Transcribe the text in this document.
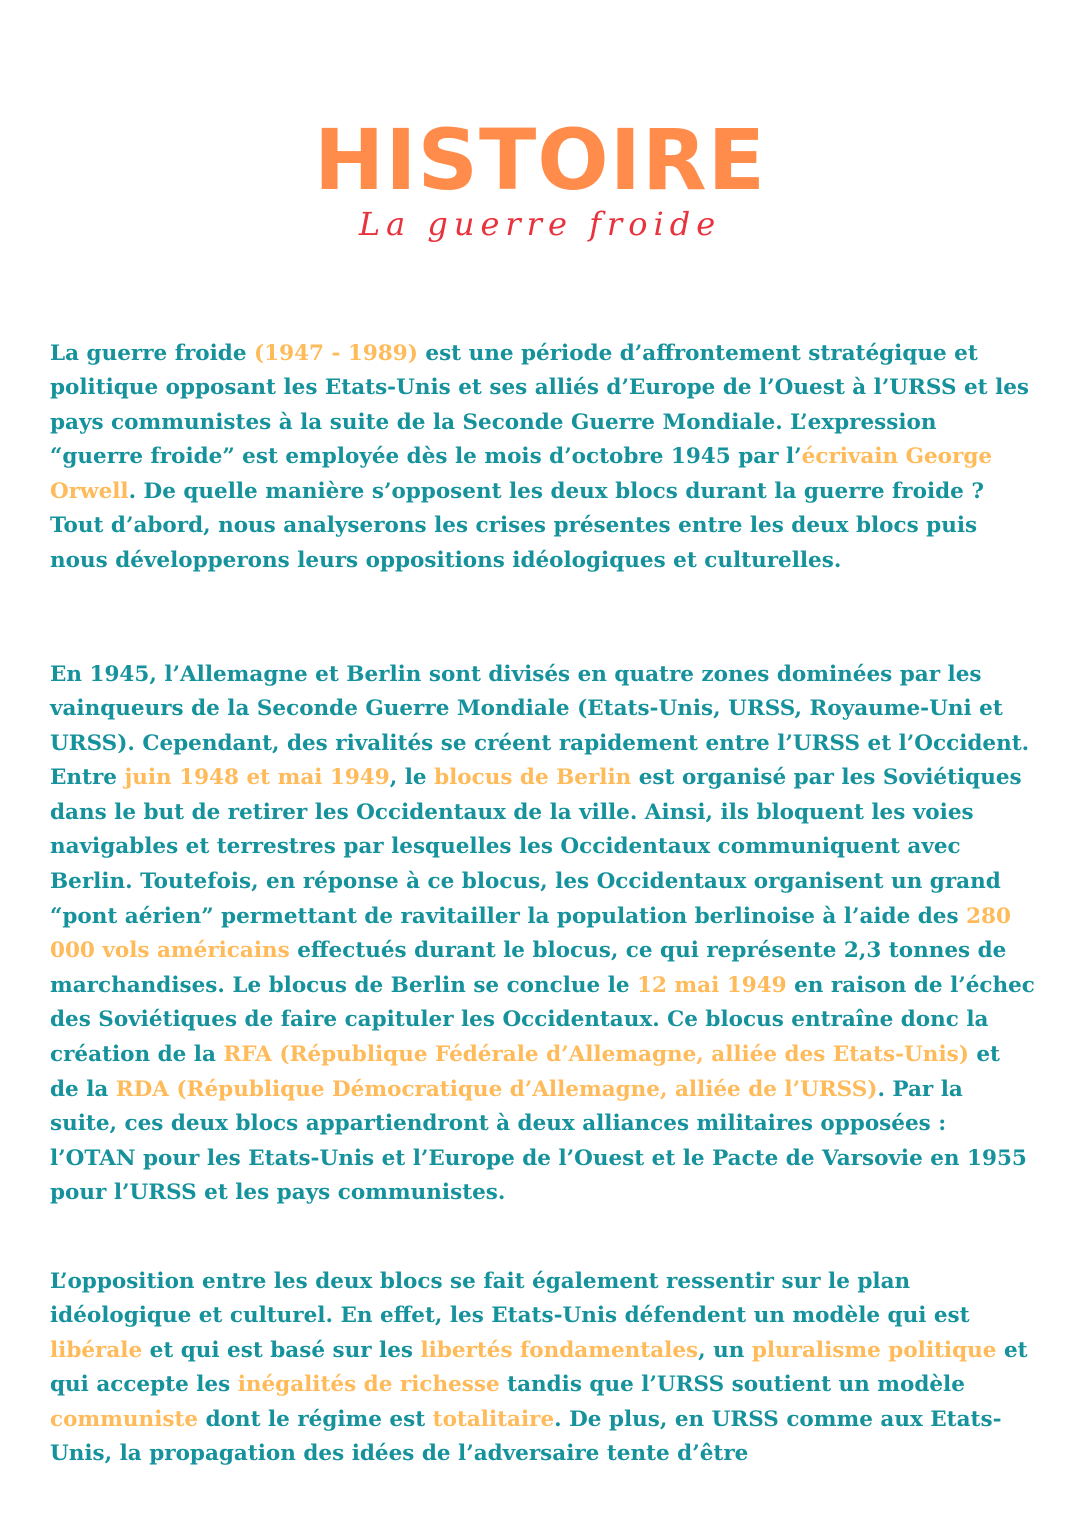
HISTOIRE
La guerre froide

La guerre froide (1947 - 1989) est une période d’affrontement stratégique et politique opposant les Etats-Unis et ses alliés d’Europe de l’Ouest à l’URSS et les pays communistes à la suite de la Seconde Guerre Mondiale. L’expression “guerre froide” est employée dès le mois d’octobre 1945 par l’écrivain George Orwell. De quelle manière s’opposent les deux blocs durant la guerre froide ? Tout d’abord, nous analyserons les crises présentes entre les deux blocs puis nous développerons leurs oppositions idéologiques et culturelles.

En 1945, l’Allemagne et Berlin sont divisés en quatre zones dominées par les vainqueurs de la Seconde Guerre Mondiale (Etats-Unis, URSS, Royaume-Uni et URSS). Cependant, des rivalités se créent rapidement entre l’URSS et l’Occident. Entre juin 1948 et mai 1949, le blocus de Berlin est organisé par les Soviétiques dans le but de retirer les Occidentaux de la ville. Ainsi, ils bloquent les voies navigables et terrestres par lesquelles les Occidentaux communiquent avec Berlin. Toutefois, en réponse à ce blocus, les Occidentaux organisent un grand “pont aérien” permettant de ravitailler la population berlinoise à l’aide des 280 000 vols américains effectués durant le blocus, ce qui représente 2,3 tonnes de marchandises. Le blocus de Berlin se conclue le 12 mai 1949 en raison de l’échec des Soviétiques de faire capituler les Occidentaux. Ce blocus entraîne donc la création de la RFA (République Fédérale d’Allemagne, alliée des Etats-Unis) et de la RDA (République Démocratique d’Allemagne, alliée de l’URSS). Par la suite, ces deux blocs appartiendront à deux alliances militaires opposées : l’OTAN pour les Etats-Unis et l’Europe de l’Ouest et le Pacte de Varsovie en 1955 pour l’URSS et les pays communistes.

L’opposition entre les deux blocs se fait également ressentir sur le plan idéologique et culturel. En effet, les Etats-Unis défendent un modèle qui est libérale et qui est basé sur les libertés fondamentales, un pluralisme politique et qui accepte les inégalités de richesse tandis que l’URSS soutient un modèle communiste dont le régime est totalitaire. De plus, en URSS comme aux Etats-Unis, la propagation des idées de l’adversaire tente d’être
